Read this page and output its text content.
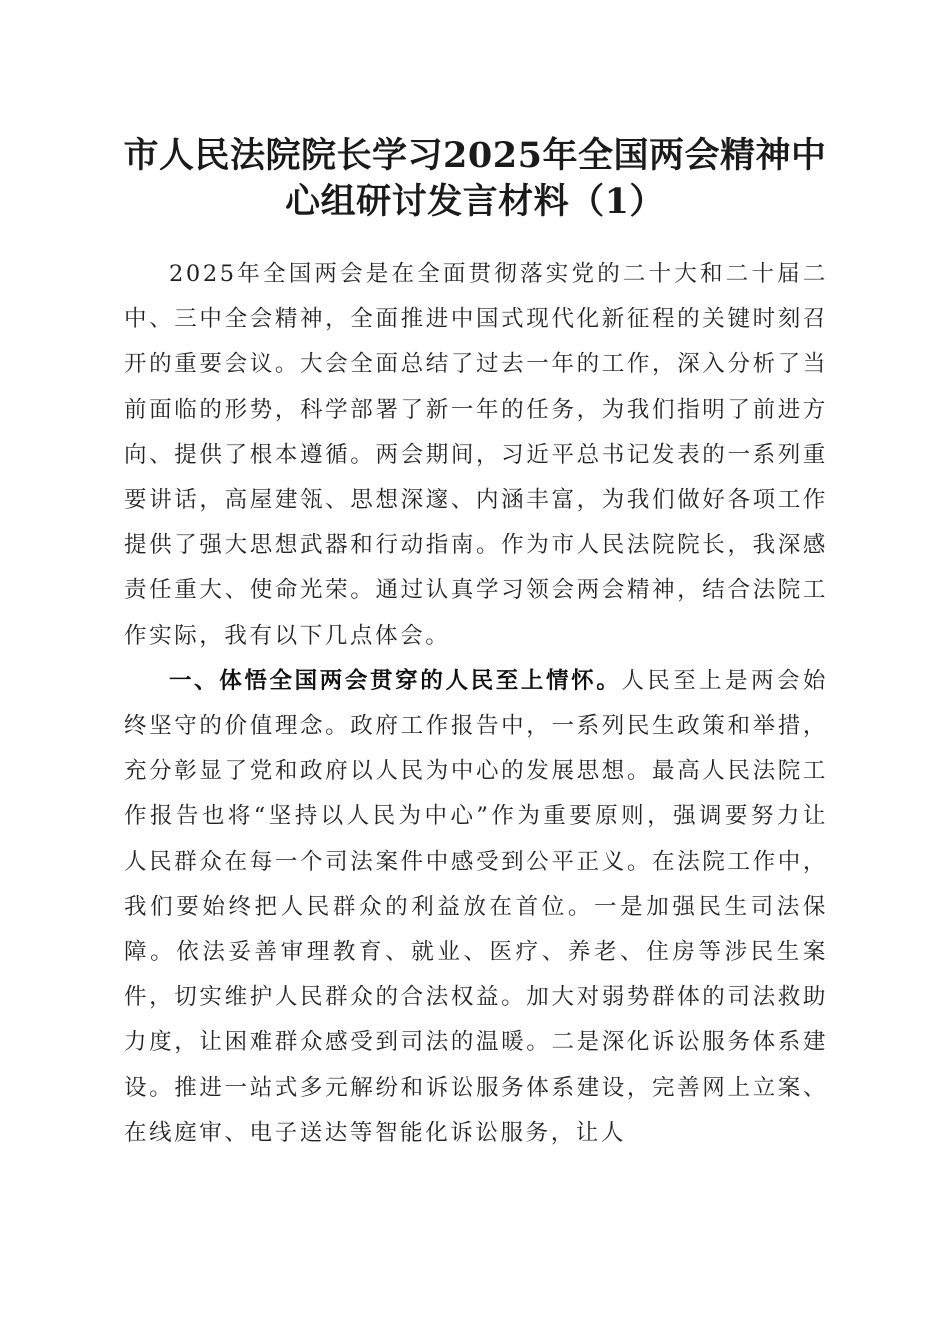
市人民法院院长学习2025年全国两会精神中
心组研讨发言材料（1）

2025年全国两会是在全面贯彻落实党的二十大和二十届二中、三中全会精神，全面推进中国式现代化新征程的关键时刻召开的重要会议。大会全面总结了过去一年的工作，深入分析了当前面临的形势，科学部署了新一年的任务，为我们指明了前进方向、提供了根本遵循。两会期间，习近平总书记发表的一系列重要讲话，高屋建瓴、思想深邃、内涵丰富，为我们做好各项工作提供了强大思想武器和行动指南。作为市人民法院院长，我深感责任重大、使命光荣。通过认真学习领会两会精神，结合法院工作实际，我有以下几点体会。

一、体悟全国两会贯穿的人民至上情怀。人民至上是两会始终坚守的价值理念。政府工作报告中，一系列民生政策和举措，充分彰显了党和政府以人民为中心的发展思想。最高人民法院工作报告也将“坚持以人民为中心”作为重要原则，强调要努力让人民群众在每一个司法案件中感受到公平正义。在法院工作中，我们要始终把人民群众的利益放在首位。一是加强民生司法保障。依法妥善审理教育、就业、医疗、养老、住房等涉民生案件，切实维护人民群众的合法权益。加大对弱势群体的司法救助力度，让困难群众感受到司法的温暖。二是深化诉讼服务体系建设。推进一站式多元解纷和诉讼服务体系建设，完善网上立案、在线庭审、电子送达等智能化诉讼服务，让人
